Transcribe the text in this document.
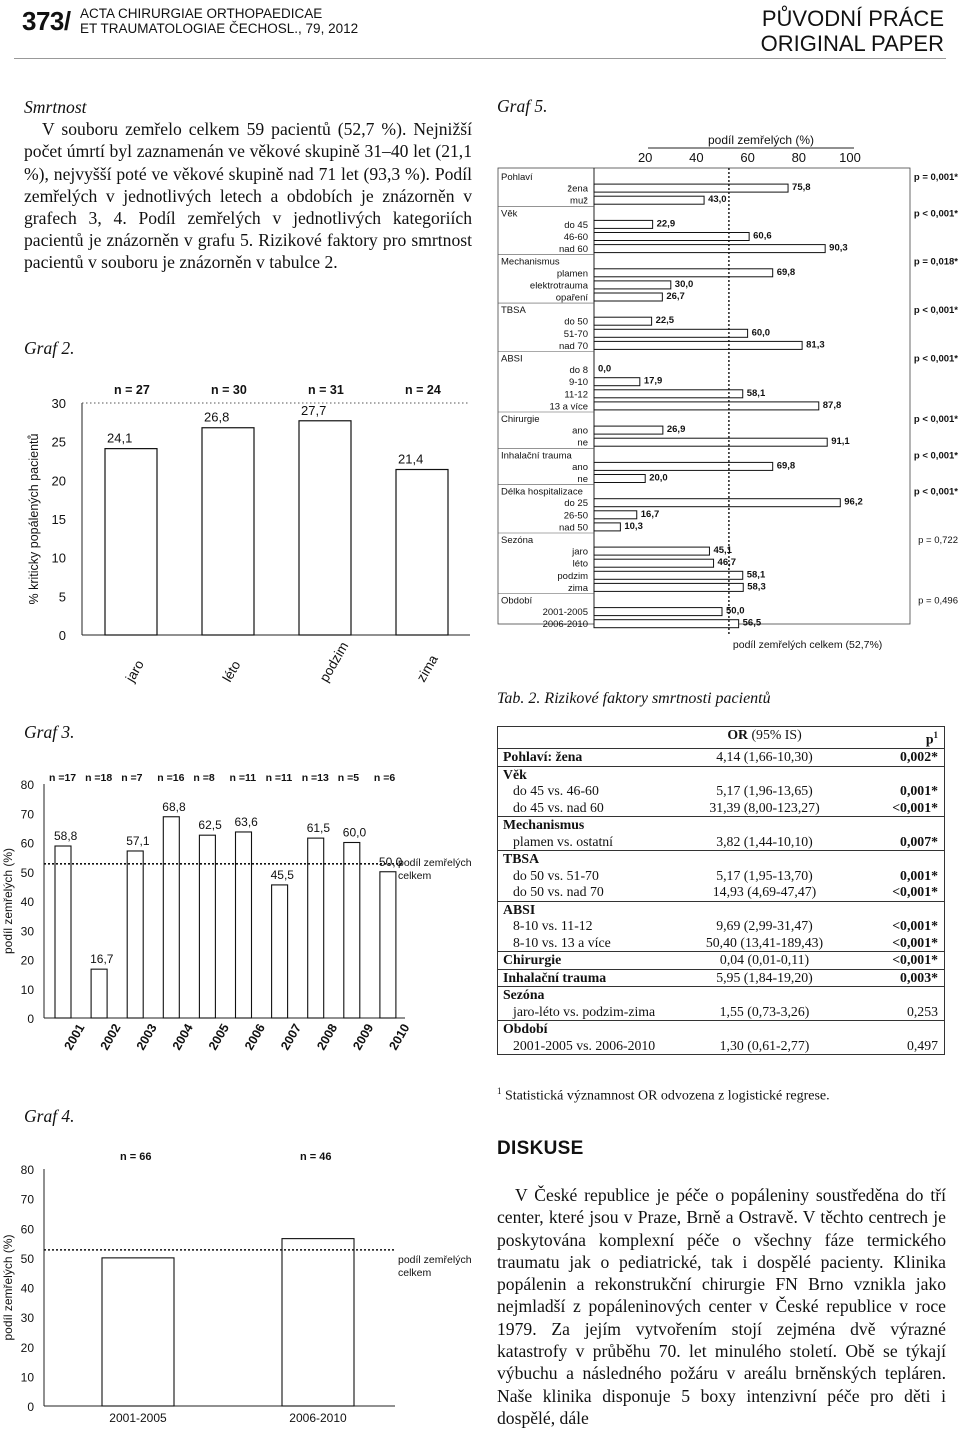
373/ ACTA CHIRURGIAE ORTHOPAEDICAE
ET TRAUMATOLOGIAE ČECHOSL., 79, 2012	PŮVODNÍ PRÁCE
ORIGINAL PAPER
Smrtnost
V souboru zemřelo celkem 59 pacientů (52,7 %). Nejnižší počet úmrtí byl zaznamenán ve věkové skupině 31–40 let (21,1 %), nejvyšší poté ve věkové skupině nad 71 let (93,3 %). Podíl zemřelých v jednotlivých letech a obdobích je znázorněn v grafech 3, 4. Podíl zemřelých v jednotlivých kategoriích pacientů je znázorněn v grafu 5. Rizikové faktory pro smrtnost pacientů v souboru je znázorněn v tabulce 2.
Graf 2.
0
5
10
15
20
25
30
% kriticky popálených pacientů	24,1
n = 27
jaro
26,8
n = 30
léto
27,7
n = 31
podzim
21,4
n = 24
zima
Graf 3.
0
10
20
30
40
50
60
70
80
podíl zemřelých (%)
58,8
n =17
2001
16,7
n =18
2002
57,1
n =7
2003
68,8
n =16
2004
62,5
n =8
2005
63,6
n =11
2006
45,5
n =11
2007
61,5
n =13
2008
60,0
n =5
2009
50,0
n =6
2010
podíl zemřelých
celkem
Graf 4.
0
10
20
30
40
50
60
70
80
podíl zemřelých (%)
n = 66
2001-2005
n = 46
2006-2010
podíl zemřelých
celkem
Graf 5.
podíl zemřelých (%)
20	40	60	80	100
Pohlaví	p = 0,001*
žena	75,8
muž	43,0
Věk	p < 0,001*
do 45	22,9
46-60	60,6
nad 60	90,3
Mechanismus	p = 0,018*
plamen	69,8
elektrotrauma	30,0
opaření	26,7
TBSA	p < 0,001*
do 50	22,5
51-70	60,0
nad 70	81,3
ABSI	p < 0,001*
do 8 0,0
9-10	17,9
11-12	58,1
13 a více	87,8
Chirurgie	p < 0,001*
ano	26,9
ne	91,1
Inhalační trauma	p < 0,001*
ano	69,8
ne	20,0
Délka hospitalizace	p < 0,001*
do 25	96,2
26-50	16,7
nad 50	10,3
Sezóna	p = 0,722
jaro	45,1
léto	46,7
podzim	58,1
zima	58,3
Období	p = 0,496
2001-2005	50,0
2006-2010	56,5
podíl zemřelých celkem (52,7%)
Tab. 2. Rizikové faktory smrtnosti pacientů
	OR (95% IS)	$p^1$
Pohlaví: žena	4,14 (1,66-10,30)	0,002*
Věk		
do 45 vs. 46-60	5,17 (1,96-13,65)	0,001*
do 45 vs. nad 60	31,39 (8,00-123,27)	<0,001*
Mechanismus		
plamen vs. ostatní	3,82 (1,44-10,10)	0,007*
TBSA		
do 50 vs. 51-70	5,17 (1,95-13,70)	0,001*
do 50 vs. nad 70	14,93 (4,69-47,47)	<0,001*
ABSI		
8-10 vs. 11-12	9,69 (2,99-31,47)	<0,001*
8-10 vs. 13 a více	50,40 (13,41-189,43)	<0,001*
Chirurgie	0,04 (0,01-0,11)	<0,001*
Inhalační trauma	5,95 (1,84-19,20)	0,003*
Sezóna		
jaro-léto vs. podzim-zima	1,55 (0,73-3,26)	0,253
Období		
2001-2005 vs. 2006-2010	1,30 (0,61-2,77)	0,497
$^1$ Statistická významnost OR odvozena z logistické regrese.
DISKUSE
V České republice je péče o popáleniny soustředěna do tří center, které jsou v Praze, Brně a Ostravě. V těchto centrech je poskytována komplexní péče o všechny fáze termického traumatu jak o pediatrické, tak i dospělé pacienty. Klinika popálenin a rekonstrukční chirurgie FN Brno vznikla jako nejmladší z popáleninových center v České republice v roce 1979. Za jejím vytvořením stojí zejména dvě výrazné katastrofy v průběhu 70. let minulého století. Obě se týkají výbuchu a následného požáru v areálu brněnských tepláren. Naše klinika disponuje 5 boxy intenzivní péče pro děti i dospělé, dále
